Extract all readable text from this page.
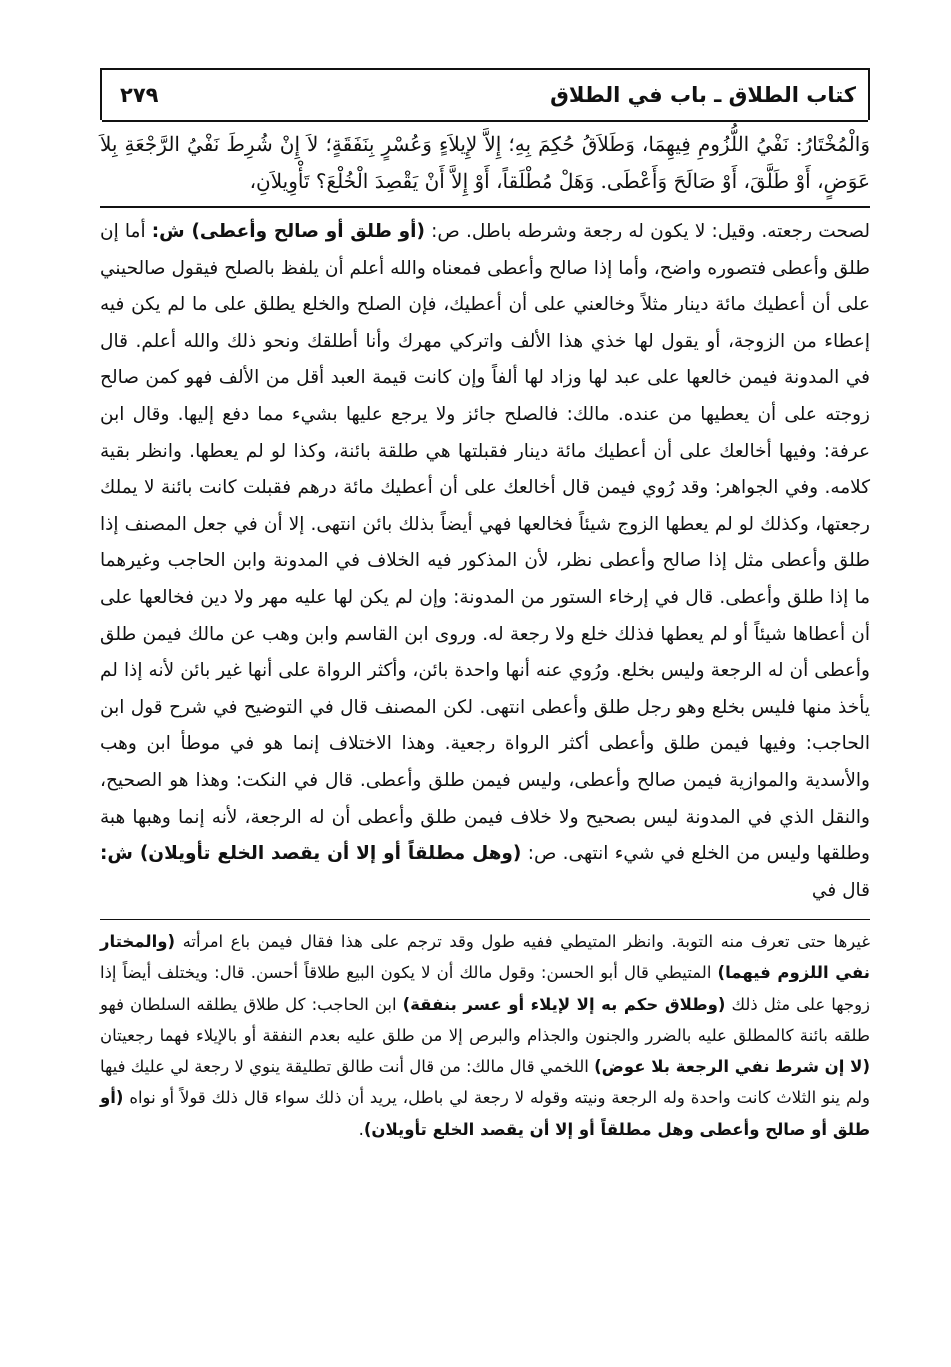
كتاب الطلاق ـ باب في الطلاق
٢٧٩

وَالْمُخْتَارُ: نَفْيُ اللُّزُومِ فِيهِمَا، وَطَلاَقُ حُكِمَ بِهِ؛ إِلاَّ لإِيلاَءٍ وَعُسْرٍ بِنَفَقَةٍ؛ لاَ إِنْ شُرِطَ نَفْيُ الرَّجْعَةِ بِلاَ عَوَضٍ، أَوْ طَلَّقَ، أَوْ صَالَحَ وَأَعْطَى. وَهَلْ مُطْلَقاً، أَوْ إِلاَّ أَنْ يَقْصِدَ الْخُلْعَ؟ تَأْوِيلاَنِ،

لصحت رجعته. وقيل: لا يكون له رجعة وشرطه باطل. ص: (أو طلق أو صالح وأعطى) ش: أما إن طلق وأعطى فتصوره واضح، وأما إذا صالح وأعطى فمعناه والله أعلم أن يلفظ بالصلح فيقول صالحيني على أن أعطيك مائة دينار مثلاً وخالعني على أن أعطيك، فإن الصلح والخلع يطلق على ما لم يكن فيه إعطاء من الزوجة، أو يقول لها خذي هذا الألف واتركي مهرك وأنا أطلقك ونحو ذلك والله أعلم. قال في المدونة فيمن خالعها على عبد لها وزاد لها ألفاً وإن كانت قيمة العبد أقل من الألف فهو كمن صالح زوجته على أن يعطيها من عنده. مالك: فالصلح جائز ولا يرجع عليها بشيء مما دفع إليها. وقال ابن عرفة: وفيها أخالعك على أن أعطيك مائة دينار فقبلتها هي طلقة بائنة، وكذا لو لم يعطها. وانظر بقية كلامه. وفي الجواهر: وقد رُوي فيمن قال أخالعك على أن أعطيك مائة درهم فقبلت كانت بائنة لا يملك رجعتها، وكذلك لو لم يعطها الزوج شيئاً فخالعها فهي أيضاً بذلك بائن انتهى. إلا أن في جعل المصنف إذا طلق وأعطى مثل إذا صالح وأعطى نظر، لأن المذكور فيه الخلاف في المدونة وابن الحاجب وغيرهما ما إذا طلق وأعطى. قال في إرخاء الستور من المدونة: وإن لم يكن لها عليه مهر ولا دين فخالعها على أن أعطاها شيئاً أو لم يعطها فذلك خلع ولا رجعة له. وروى ابن القاسم وابن وهب عن مالك فيمن طلق وأعطى أن له الرجعة وليس بخلع. ورُوي عنه أنها واحدة بائن، وأكثر الرواة على أنها غير بائن لأنه إذا لم يأخذ منها فليس بخلع وهو رجل طلق وأعطى انتهى. لكن المصنف قال في التوضيح في شرح قول ابن الحاجب: وفيها فيمن طلق وأعطى أكثر الرواة رجعية. وهذا الاختلاف إنما هو في موطأ ابن وهب والأسدية والموازية فيمن صالح وأعطى، وليس فيمن طلق وأعطى. قال في النكت: وهذا هو الصحيح، والنقل الذي في المدونة ليس بصحيح ولا خلاف فيمن طلق وأعطى أن له الرجعة، لأنه إنما وهبها هبة وطلقها وليس من الخلع في شيء انتهى. ص: (وهل مطلقاً أو إلا أن يقصد الخلع تأويلان) ش: قال في

غيرها حتى تعرف منه التوبة. وانظر المتيطي ففيه طول وقد ترجم على هذا فقال فيمن باع امرأته (والمختار نفي اللزوم فيهما) المتيطي قال أبو الحسن: وقول مالك أن لا يكون البيع طلاقاً أحسن. قال: ويختلف أيضاً إذا زوجها على مثل ذلك (وطلاق حكم به إلا لإيلاء أو عسر بنفقة) ابن الحاجب: كل طلاق يطلقه السلطان فهو طلقه بائنة كالمطلق عليه بالضرر والجنون والجذام والبرص إلا من طلق عليه بعدم النفقة أو بالإيلاء فهما رجعيتان (لا إن شرط نفي الرجعة بلا عوض) اللخمي قال مالك: من قال أنت طالق تطليقة ينوي لا رجعة لي عليك فيها ولم ينو الثلاث كانت واحدة وله الرجعة ونيته وقوله لا رجعة لي باطل، يريد أن ذلك سواء قال ذلك قولاً أو نواه (أو طلق أو صالح وأعطى وهل مطلقاً أو إلا أن يقصد الخلع تأويلان).
